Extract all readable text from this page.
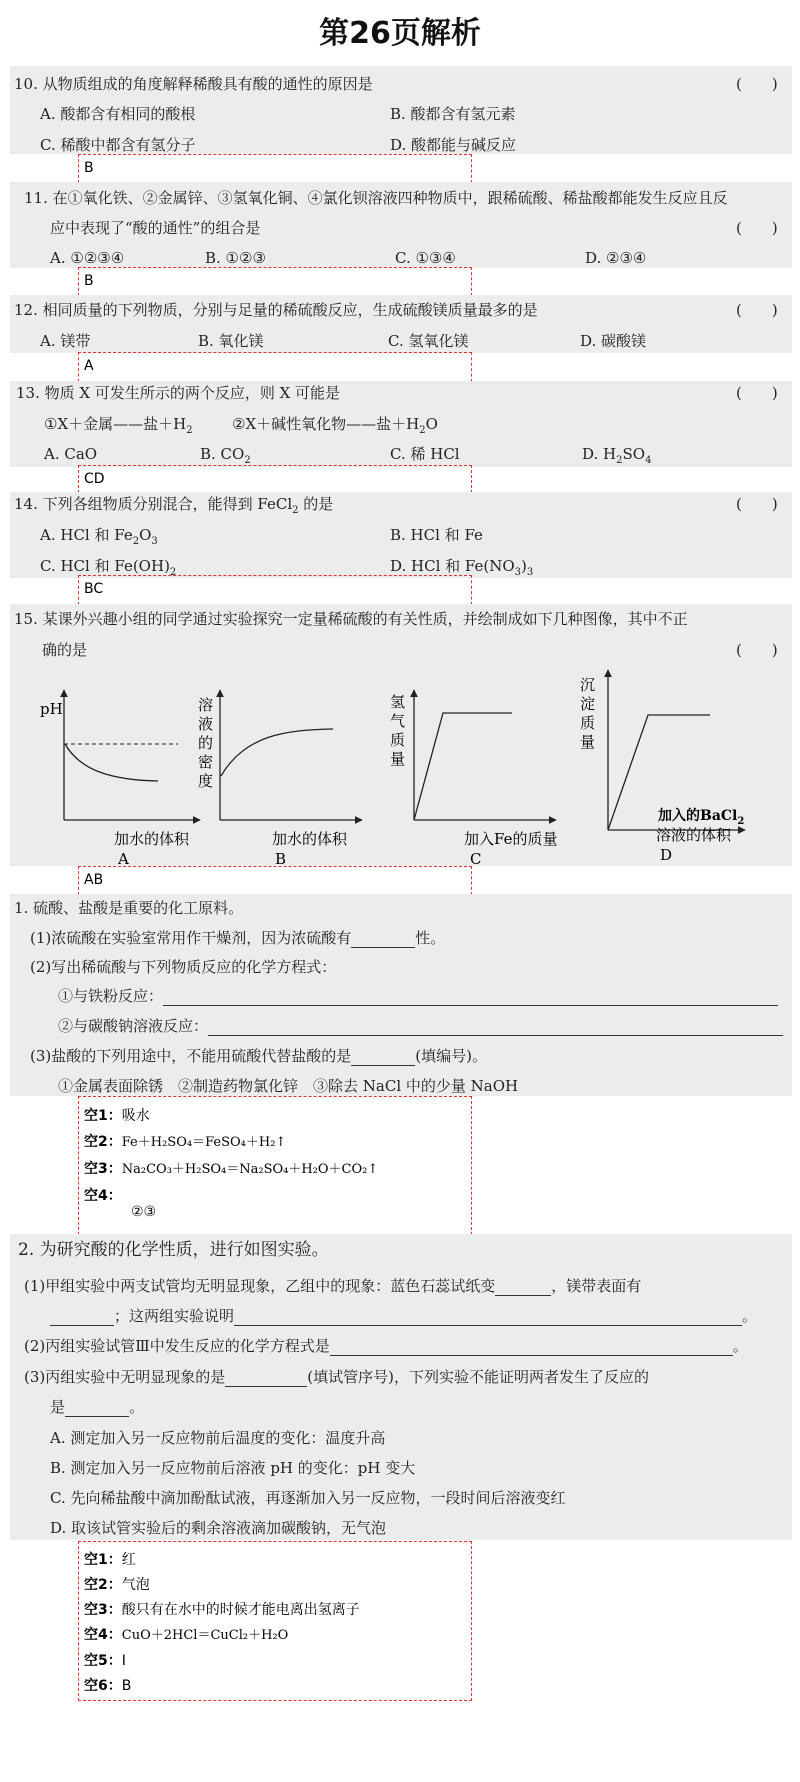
第26页解析
10. 从物质组成的角度解释稀酸具有酸的通性的原因是	(　　)
A. 酸都含有相同的酸根	B. 酸都含有氢元素
C. 稀酸中都含有氢分子	D. 酸都能与碱反应
B
11. 在①氧化铁、②金属锌、③氢氧化铜、④氯化钡溶液四种物质中，跟稀硫酸、稀盐酸都能发生反应且反
应中表现了“酸的通性”的组合是	(　　)
A. ①②③④	B. ①②③	C. ①③④	D. ②③④
B
12. 相同质量的下列物质，分别与足量的稀硫酸反应，生成硫酸镁质量最多的是	(　　)
A. 镁带	B. 氧化镁	C. 氢氧化镁	D. 碳酸镁
A
13. 物质 X 可发生所示的两个反应，则 X 可能是	(　　)
①X＋金属——盐$+H_2$	②X＋碱性氧化物——盐$+H_2O$
A. CaO	B. $CO_2$	C. 稀 HCl	D. $H_2SO_4$
CD
14. 下列各组物质分别混合，能得到 FeCl$_2$ 的是	(　　)
A. HCl 和 $Fe_2O_3$	B. HCl 和 Fe
C. HCl 和 $Fe(OH)_2$	D. HCl 和 $Fe(NO_3)_3$
BC
15. 某课外兴趣小组的同学通过实验探究一定量稀硫酸的有关性质，并绘制成如下几种图像，其中不正
确的是	(　　)
pH
加水的体积
A
溶
液
的
密
度
加水的体积
B
氢
气
质
量
加入Fe的质量
C
沉
淀
质
量
加入的BaCl$_2$
溶液的体积
D
AB
1. 硫酸、盐酸是重要的化工原料。
(1)浓硫酸在实验室常用作干燥剂，因为浓硫酸有	性。
(2)写出稀硫酸与下列物质反应的化学方程式：
①与铁粉反应：
②与碳酸钠溶液反应：
(3)盐酸的下列用途中，不能用硫酸代替盐酸的是	(填编号)。
①金属表面除锈　②制造药物氯化锌　③除去 NaCl 中的少量 NaOH
空1：吸水
空2：Fe＋H₂SO₄＝FeSO₄＋H₂↑
空3：Na₂CO₃＋H₂SO₄＝Na₂SO₄＋H₂O＋CO₂↑
空4：
②③
2. 为研究酸的化学性质，进行如图实验。
(1)甲组实验中两支试管均无明显现象，乙组中的现象：蓝色石蕊试纸变	，镁带表面有
；这两组实验说明	。
(2)丙组实验试管Ⅲ中发生反应的化学方程式是	。
(3)丙组实验中无明显现象的是	(填试管序号)，下列实验不能证明两者发生了反应的
是	。
A. 测定加入另一反应物前后温度的变化：温度升高
B. 测定加入另一反应物前后溶液 pH 的变化：pH 变大
C. 先向稀盐酸中滴加酚酞试液，再逐渐加入另一反应物，一段时间后溶液变红
D. 取该试管实验后的剩余溶液滴加碳酸钠，无气泡
空1：红
空2：气泡
空3：酸只有在水中的时候才能电离出氢离子
空4：CuO＋2HCl＝CuCl₂＋H₂O
空5：Ⅰ
空6：B
